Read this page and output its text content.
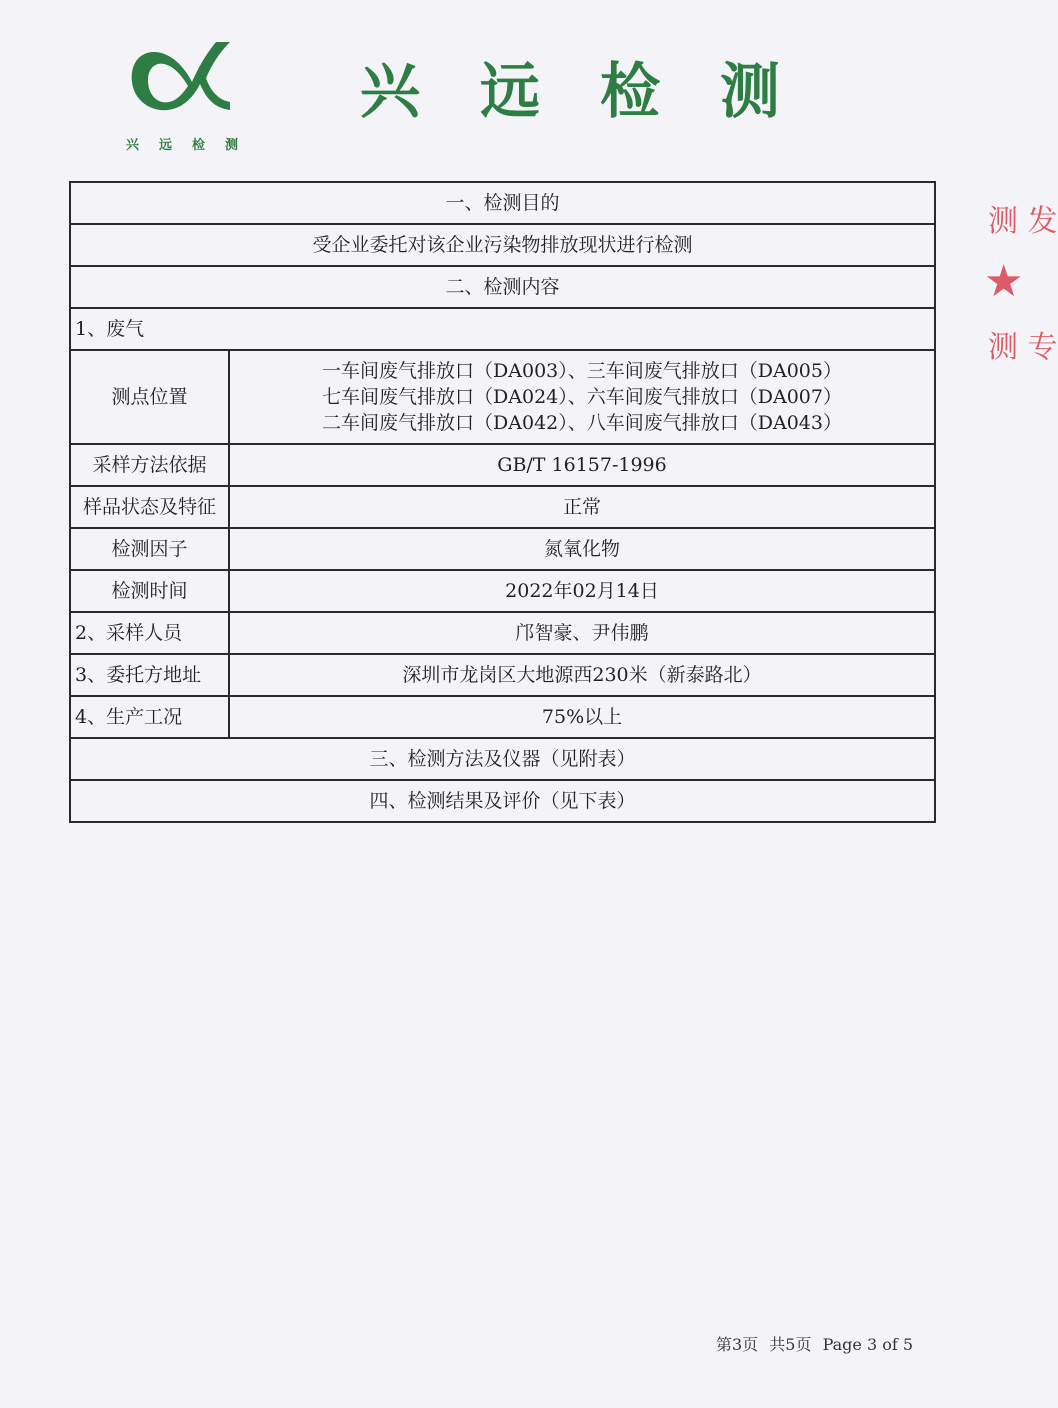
兴 远 检 测
兴 远 检 测
测 发
★
测 专
一、检测目的	
受企业委托对该企业污染物排放现状进行检测	
二、检测内容	
1、废气	
测点位置	一车间废气排放口（DA003）、三车间废气排放口（DA005）
七车间废气排放口（DA024）、六车间废气排放口（DA007）
二车间废气排放口（DA042）、八车间废气排放口（DA043）

采样方法依据	GB/T 16157-1996
样品状态及特征	正常
检测因子	氮氧化物
检测时间	2022年02月14日
2、采样人员	邝智豪、尹伟鹏
3、委托方地址	深圳市龙岗区大地源西230米（新泰路北）
4、生产工况	75%以上
三、检测方法及仪器（见附表）	
四、检测结果及评价（见下表）	
第3页 共5页 Page 3 of 5
